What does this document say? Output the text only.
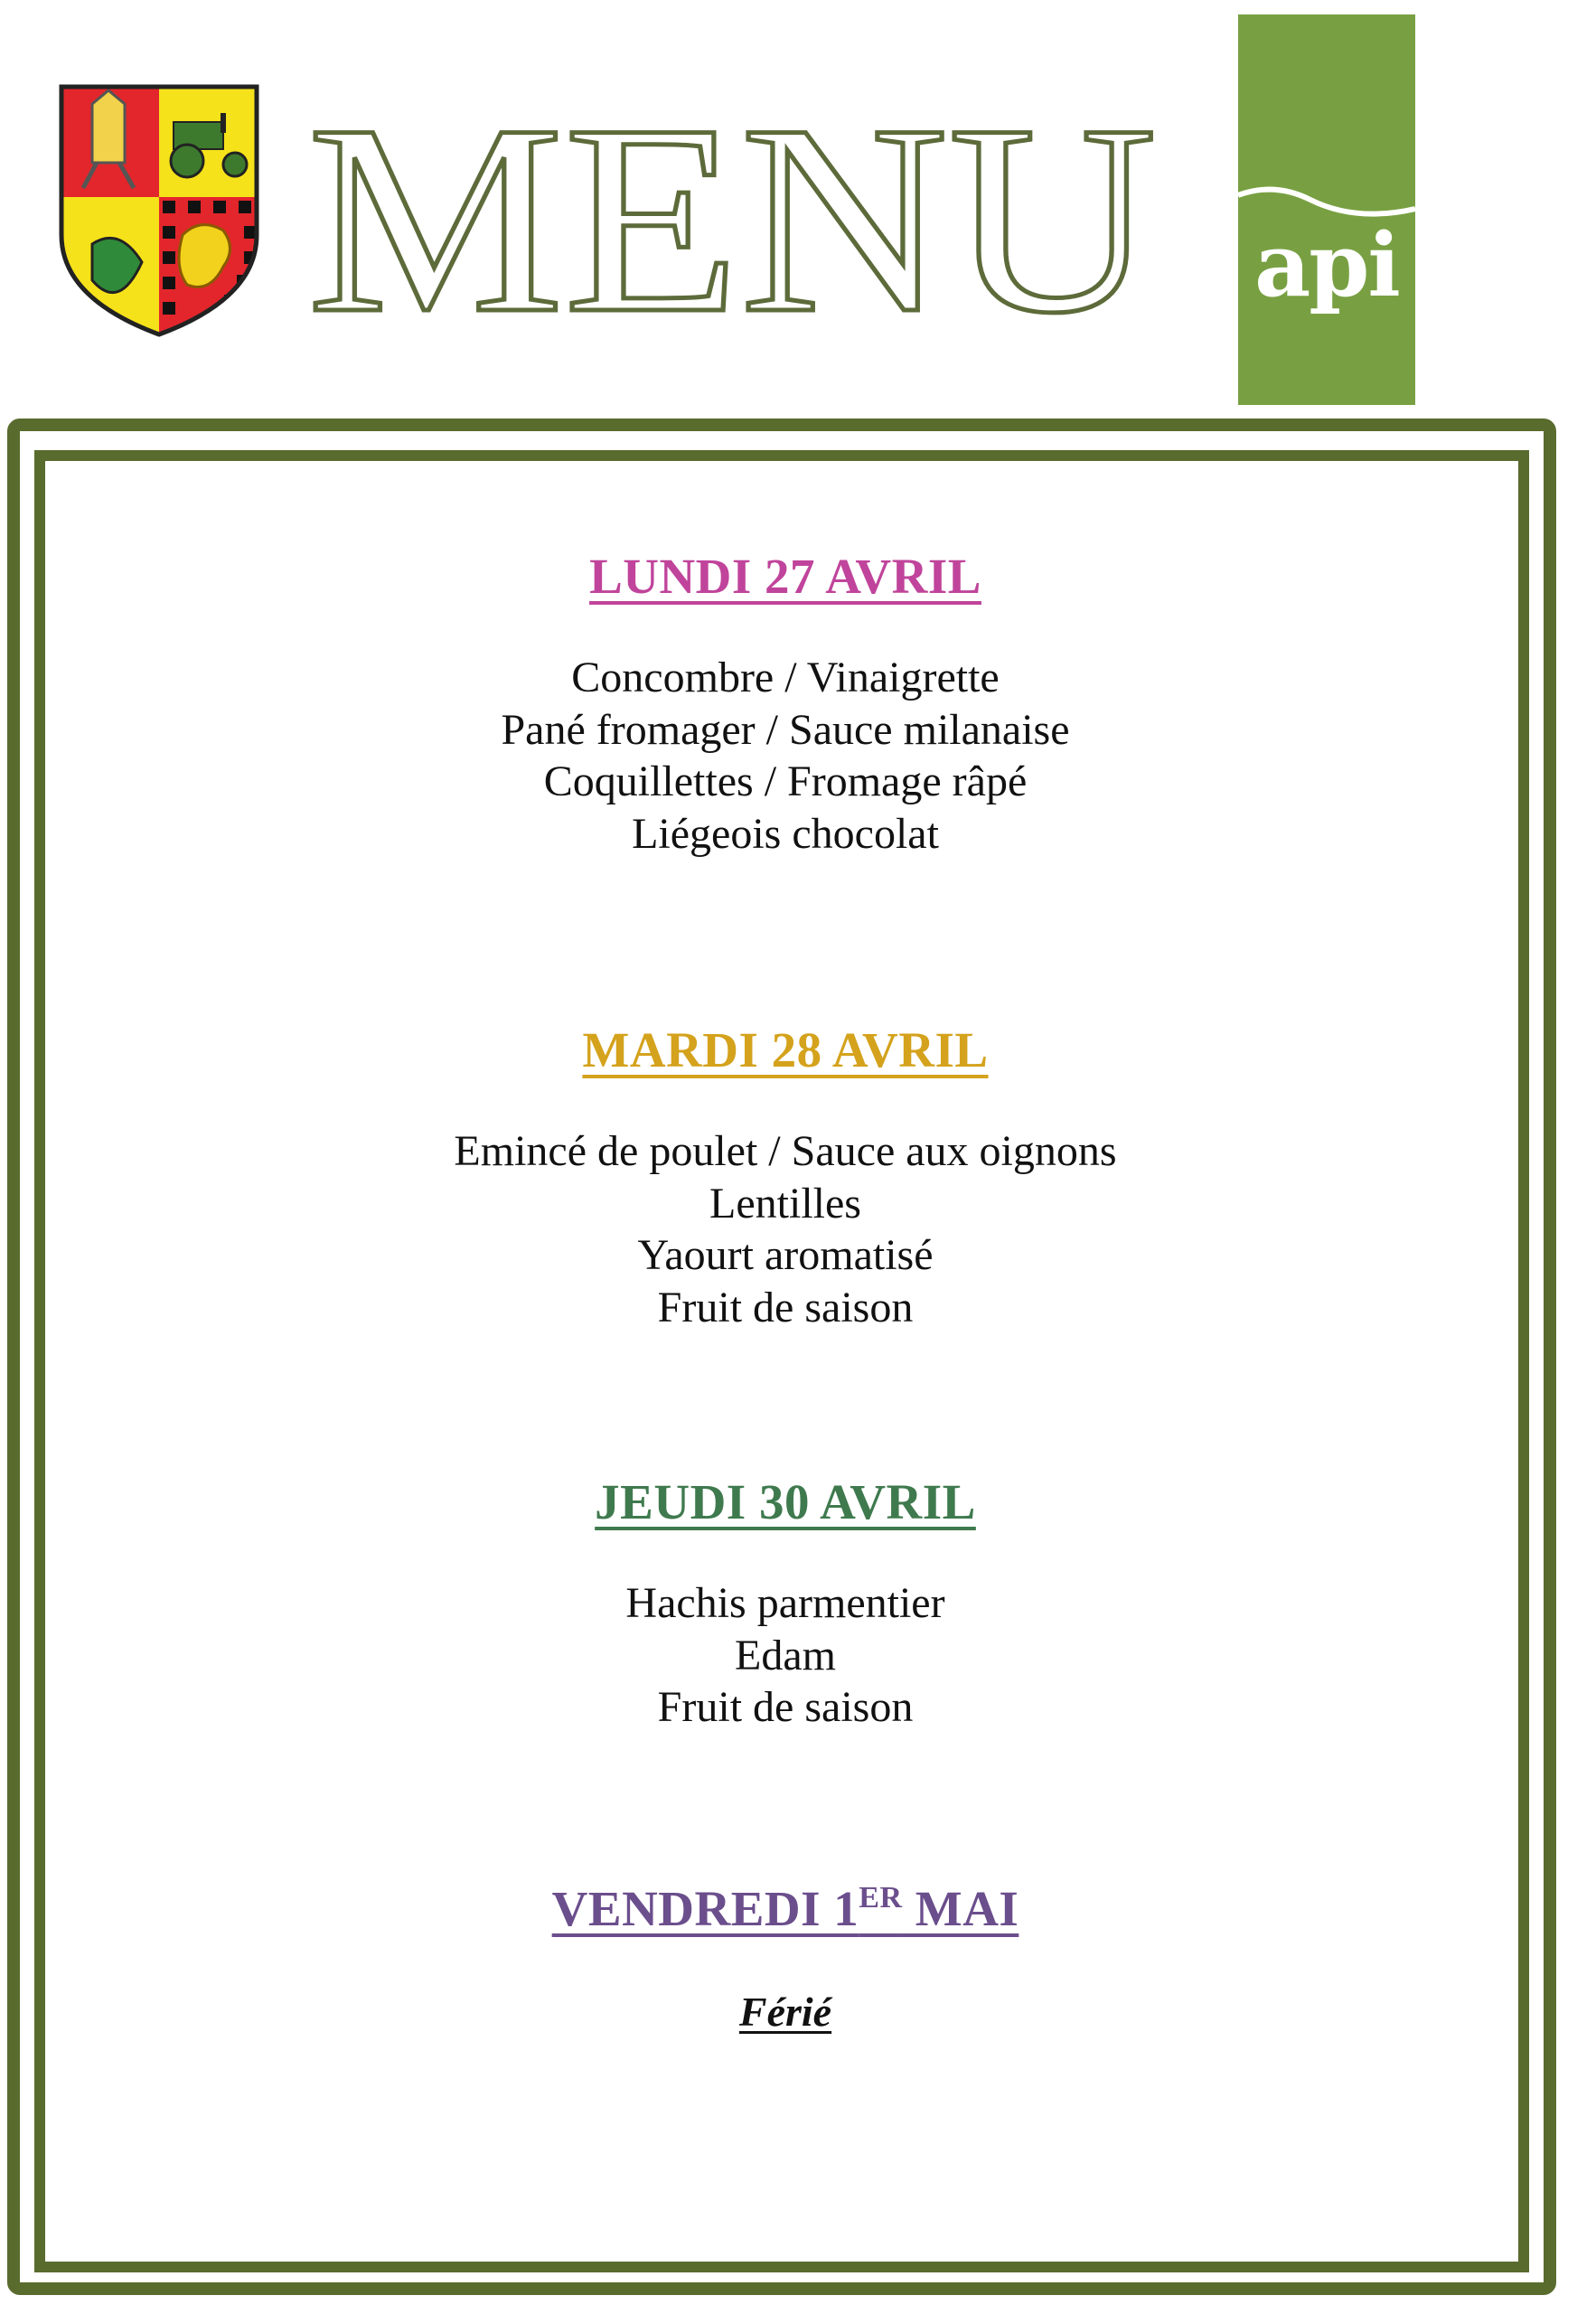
MENU api
LUNDI 27 AVRIL
Concombre / Vinaigrette
Pané fromager / Sauce milanaise
Coquillettes / Fromage râpé
Liégeois chocolat
MARDI 28 AVRIL
Emincé de poulet / Sauce aux oignons
Lentilles
Yaourt aromatisé
Fruit de saison
JEUDI 30 AVRIL
Hachis parmentier
Edam
Fruit de saison
VENDREDI 1ER MAI
Férié
